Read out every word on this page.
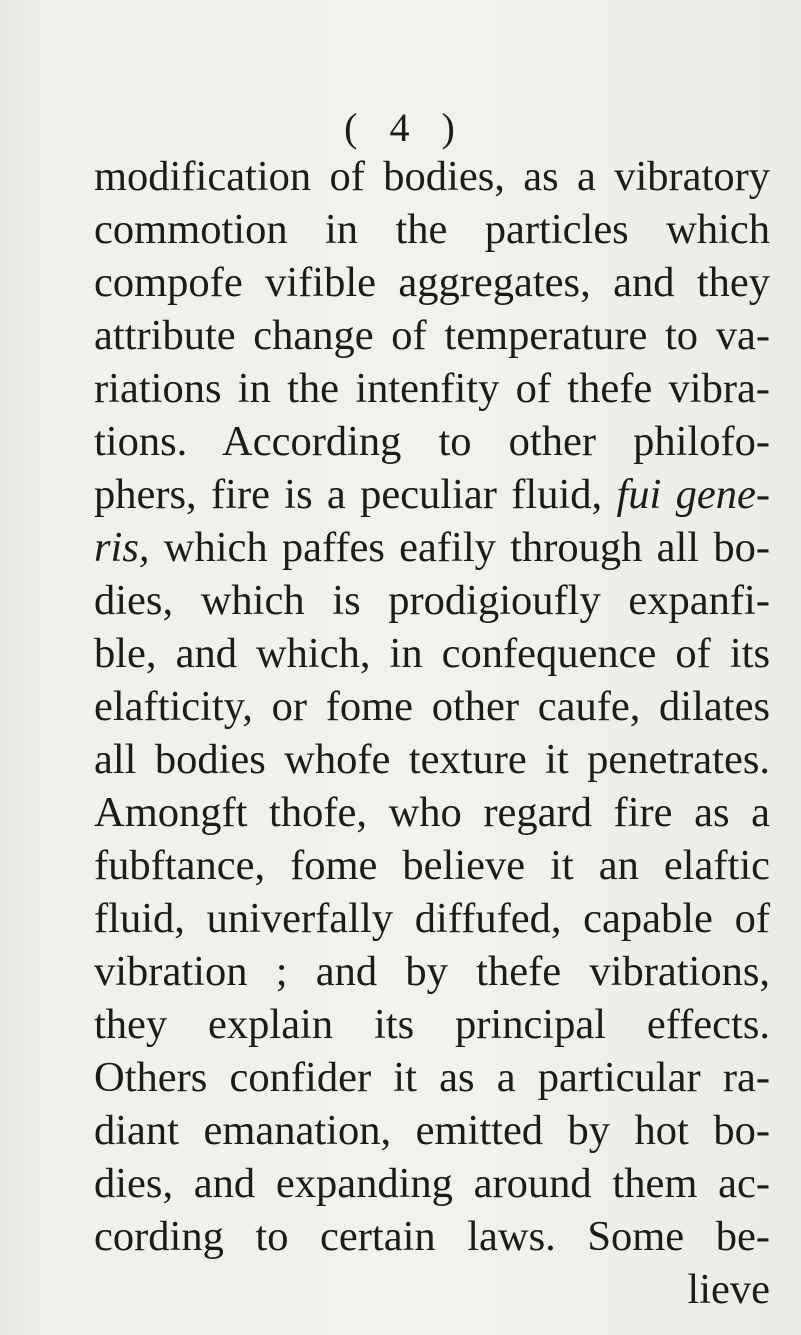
( 4 )
modification of bodies, as a vibratory
commotion in the particles which
compofe vifible aggregates, and they
attribute change of temperature to va-
riations in the intenfity of thefe vibra-
tions. According to other philofo-
phers, fire is a peculiar fluid, fui gene-
ris, which paffes eafily through all bo-
dies, which is prodigioufly expanfi-
ble, and which, in confequence of its
elafticity, or fome other caufe, dilates
all bodies whofe texture it penetrates.
Amongft thofe, who regard fire as a
fubftance, fome believe it an elaftic
fluid, univerfally diffufed, capable of
vibration ; and by thefe vibrations,
they explain its principal effects.
Others confider it as a particular ra-
diant emanation, emitted by hot bo-
dies, and expanding around them ac-
cording to certain laws. Some be-
lieve
